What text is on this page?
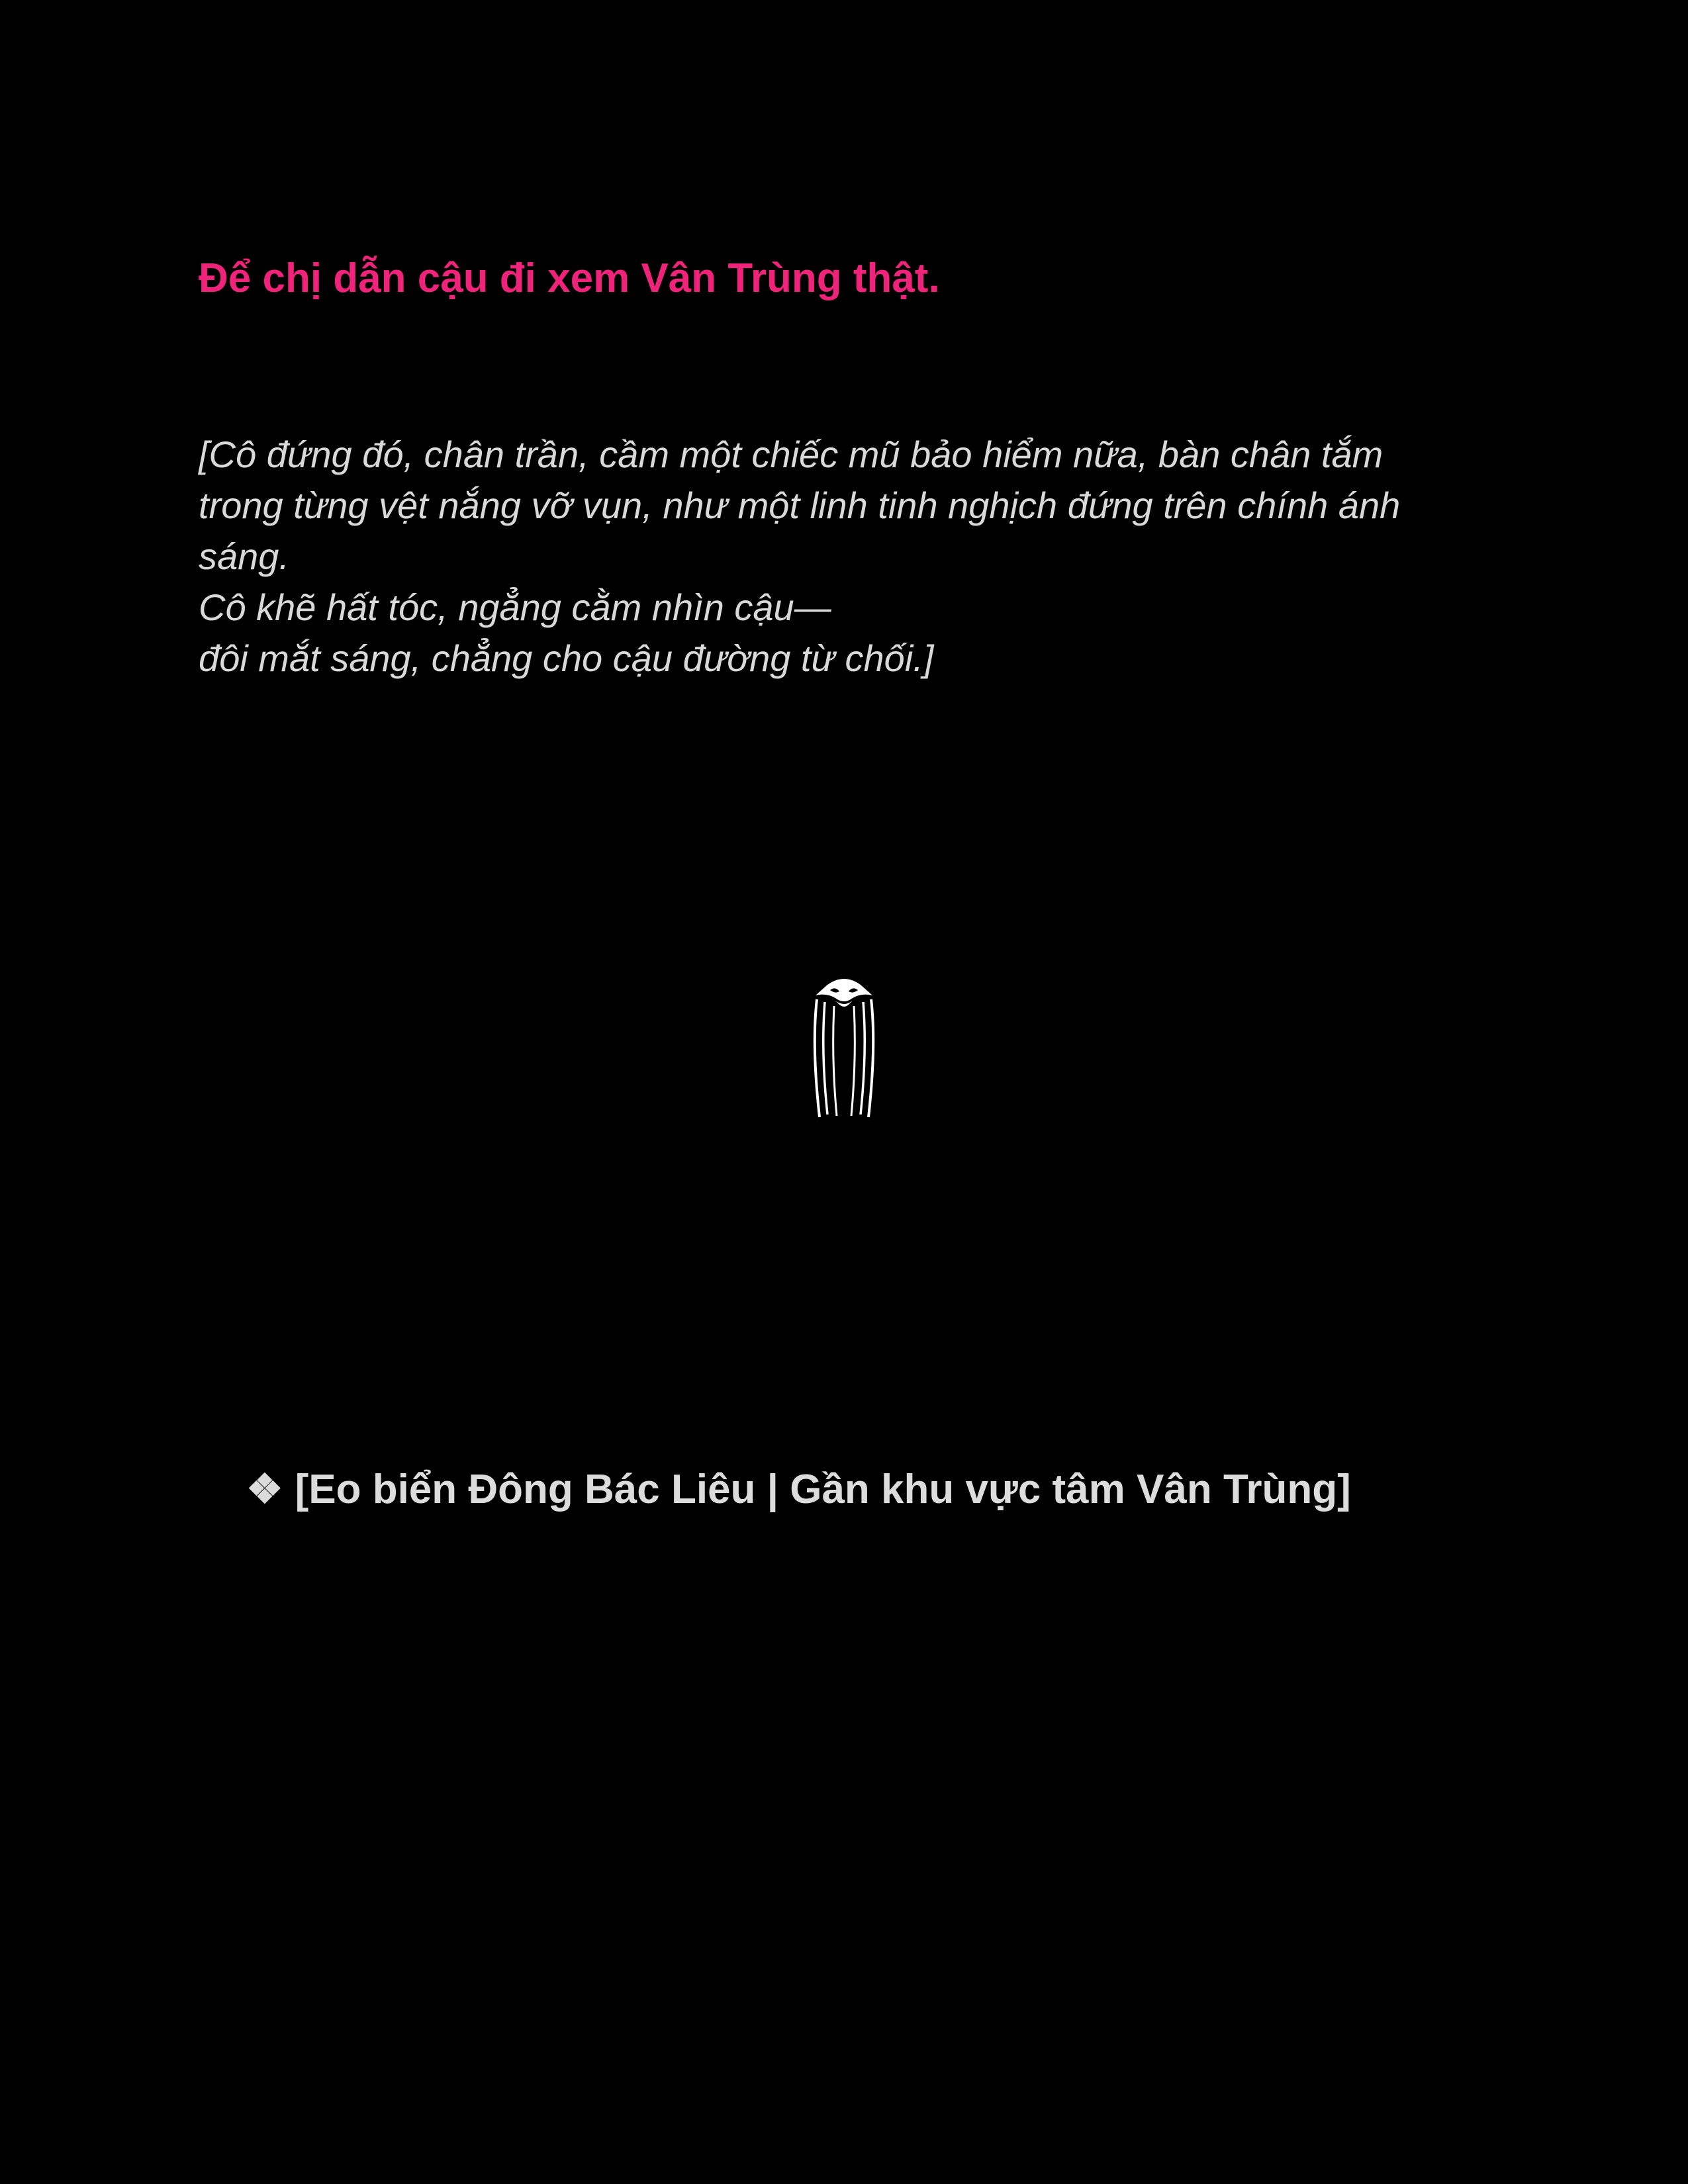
Để chị dẫn cậu đi xem Vân Trùng thật.

[Cô đứng đó, chân trần, cầm một chiếc mũ bảo hiểm nữa, bàn chân tắm
trong từng vệt nắng vỡ vụn, như một linh tinh nghịch đứng trên chính ánh
sáng.
Cô khẽ hất tóc, ngẳng cằm nhìn cậu—
đôi mắt sáng, chẳng cho cậu đường từ chối.]

❖ [Eo biển Đông Bác Liêu | Gần khu vực tâm Vân Trùng]
